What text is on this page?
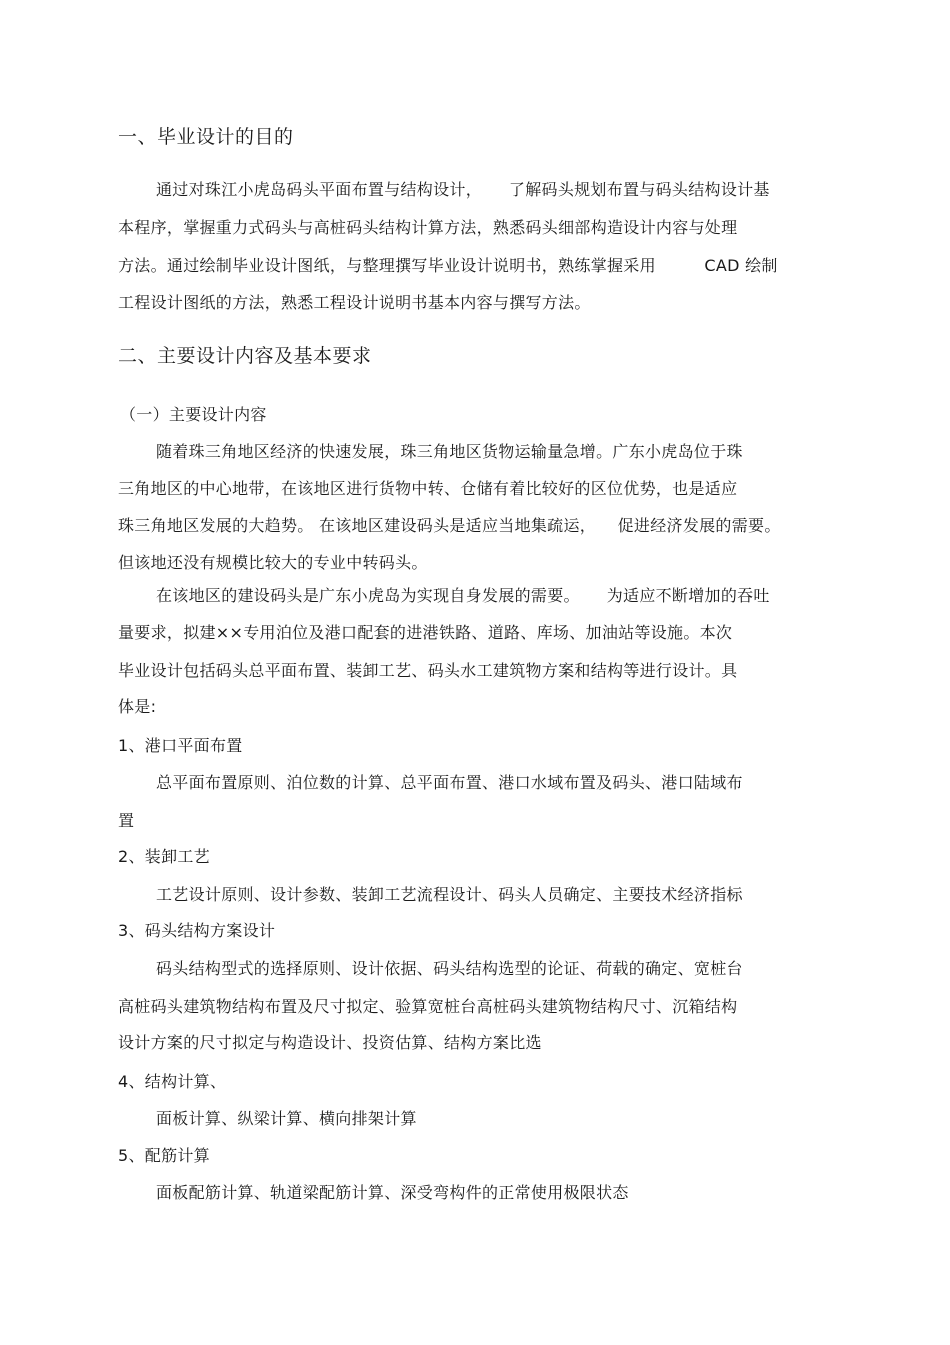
一、毕业设计的目的
通过对珠江小虎岛码头平面布置与结构设计，     了解码头规划布置与码头结构设计基
本程序，掌握重力式码头与高桩码头结构计算方法，熟悉码头细部构造设计内容与处理
方法。通过绘制毕业设计图纸，与整理撰写毕业设计说明书，熟练掌握采用         CAD 绘制
工程设计图纸的方法，熟悉工程设计说明书基本内容与撰写方法。
二、主要设计内容及基本要求
（一）主要设计内容
随着珠三角地区经济的快速发展，珠三角地区货物运输量急增。广东小虎岛位于珠
三角地区的中心地带，在该地区进行货物中转、仓储有着比较好的区位优势，也是适应
珠三角地区发展的大趋势。 在该地区建设码头是适应当地集疏运，    促进经济发展的需要。
但该地还没有规模比较大的专业中转码头。
在该地区的建设码头是广东小虎岛为实现自身发展的需要。     为适应不断增加的吞吐
量要求，拟建××专用泊位及港口配套的进港铁路、道路、库场、加油站等设施。本次
毕业设计包括码头总平面布置、装卸工艺、码头水工建筑物方案和结构等进行设计。具
体是:
1、港口平面布置
总平面布置原则、泊位数的计算、总平面布置、港口水域布置及码头、港口陆域布
置
2、装卸工艺
工艺设计原则、设计参数、装卸工艺流程设计、码头人员确定、主要技术经济指标
3、码头结构方案设计
码头结构型式的选择原则、设计依据、码头结构选型的论证、荷载的确定、宽桩台
高桩码头建筑物结构布置及尺寸拟定、验算宽桩台高桩码头建筑物结构尺寸、沉箱结构
设计方案的尺寸拟定与构造设计、投资估算、结构方案比选
4、结构计算、
面板计算、纵梁计算、横向排架计算
5、配筋计算
面板配筋计算、轨道梁配筋计算、深受弯构件的正常使用极限状态
